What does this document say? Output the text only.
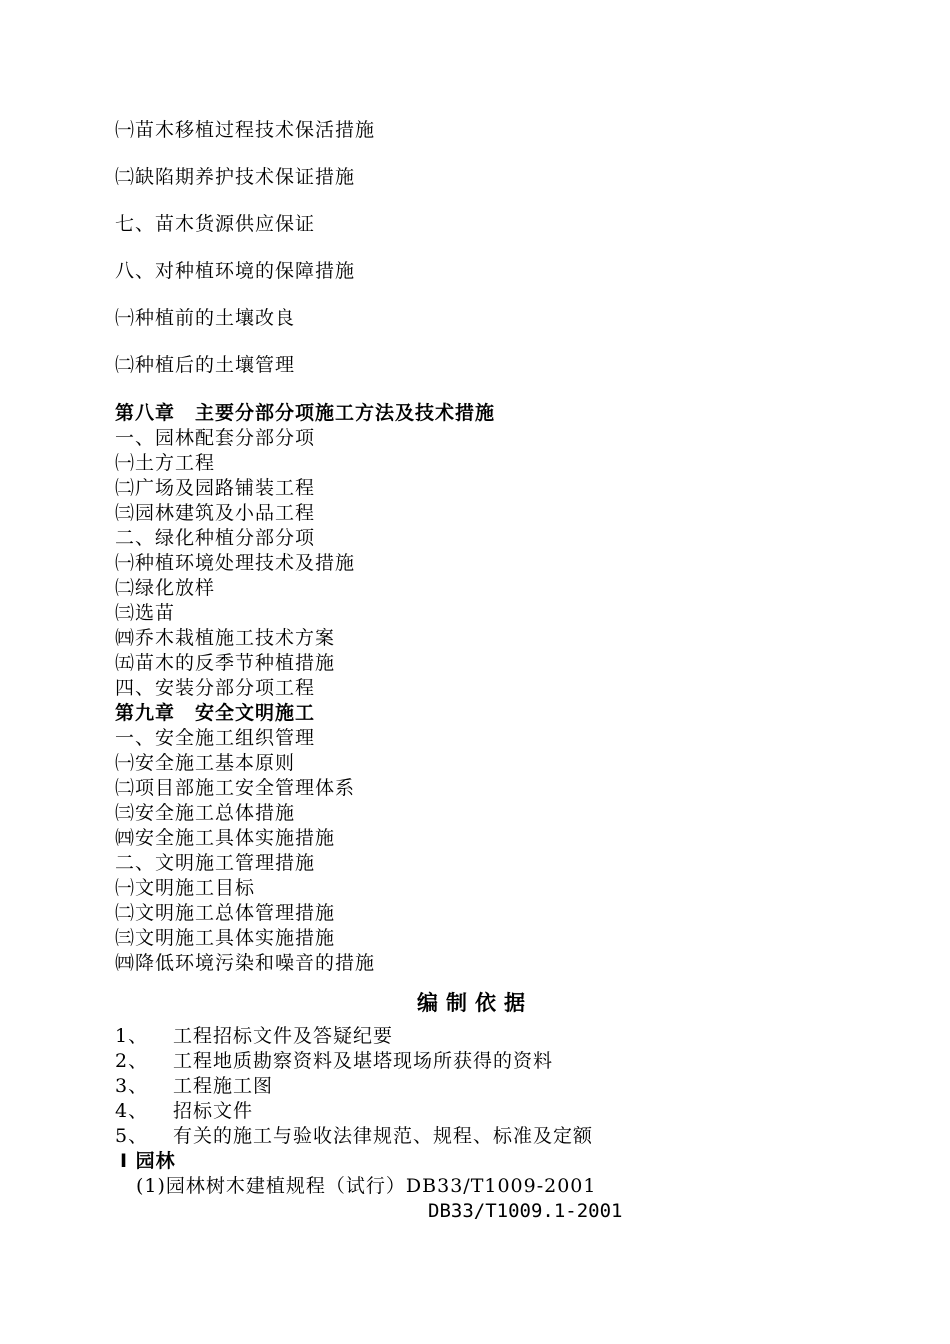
㈠苗木移植过程技术保活措施
㈡缺陷期养护技术保证措施
七、苗木货源供应保证
八、对种植环境的保障措施
㈠种植前的土壤改良
㈡种植后的土壤管理
第八章　主要分部分项施工方法及技术措施
一、园林配套分部分项
㈠土方工程
㈡广场及园路铺装工程
㈢园林建筑及小品工程
二、绿化种植分部分项
㈠种植环境处理技术及措施
㈡绿化放样
㈢选苗
㈣乔木栽植施工技术方案
㈤苗木的反季节种植措施
四、安装分部分项工程
第九章　安全文明施工
一、安全施工组织管理
㈠安全施工基本原则
㈡项目部施工安全管理体系
㈢安全施工总体措施
㈣安全施工具体实施措施
二、文明施工管理措施
㈠文明施工目标
㈡文明施工总体管理措施
㈢文明施工具体实施措施
㈣降低环境污染和噪音的措施
编制依据
1、 工程招标文件及答疑纪要
2、 工程地质勘察资料及堪塔现场所获得的资料
3、 工程施工图
4、 招标文件
5、 有关的施工与验收法律规范、规程、标准及定额
Ⅰ 园林
(1)园林树木建植规程（试行）DB33/T1009-2001
DB33/T1009.1-2001
